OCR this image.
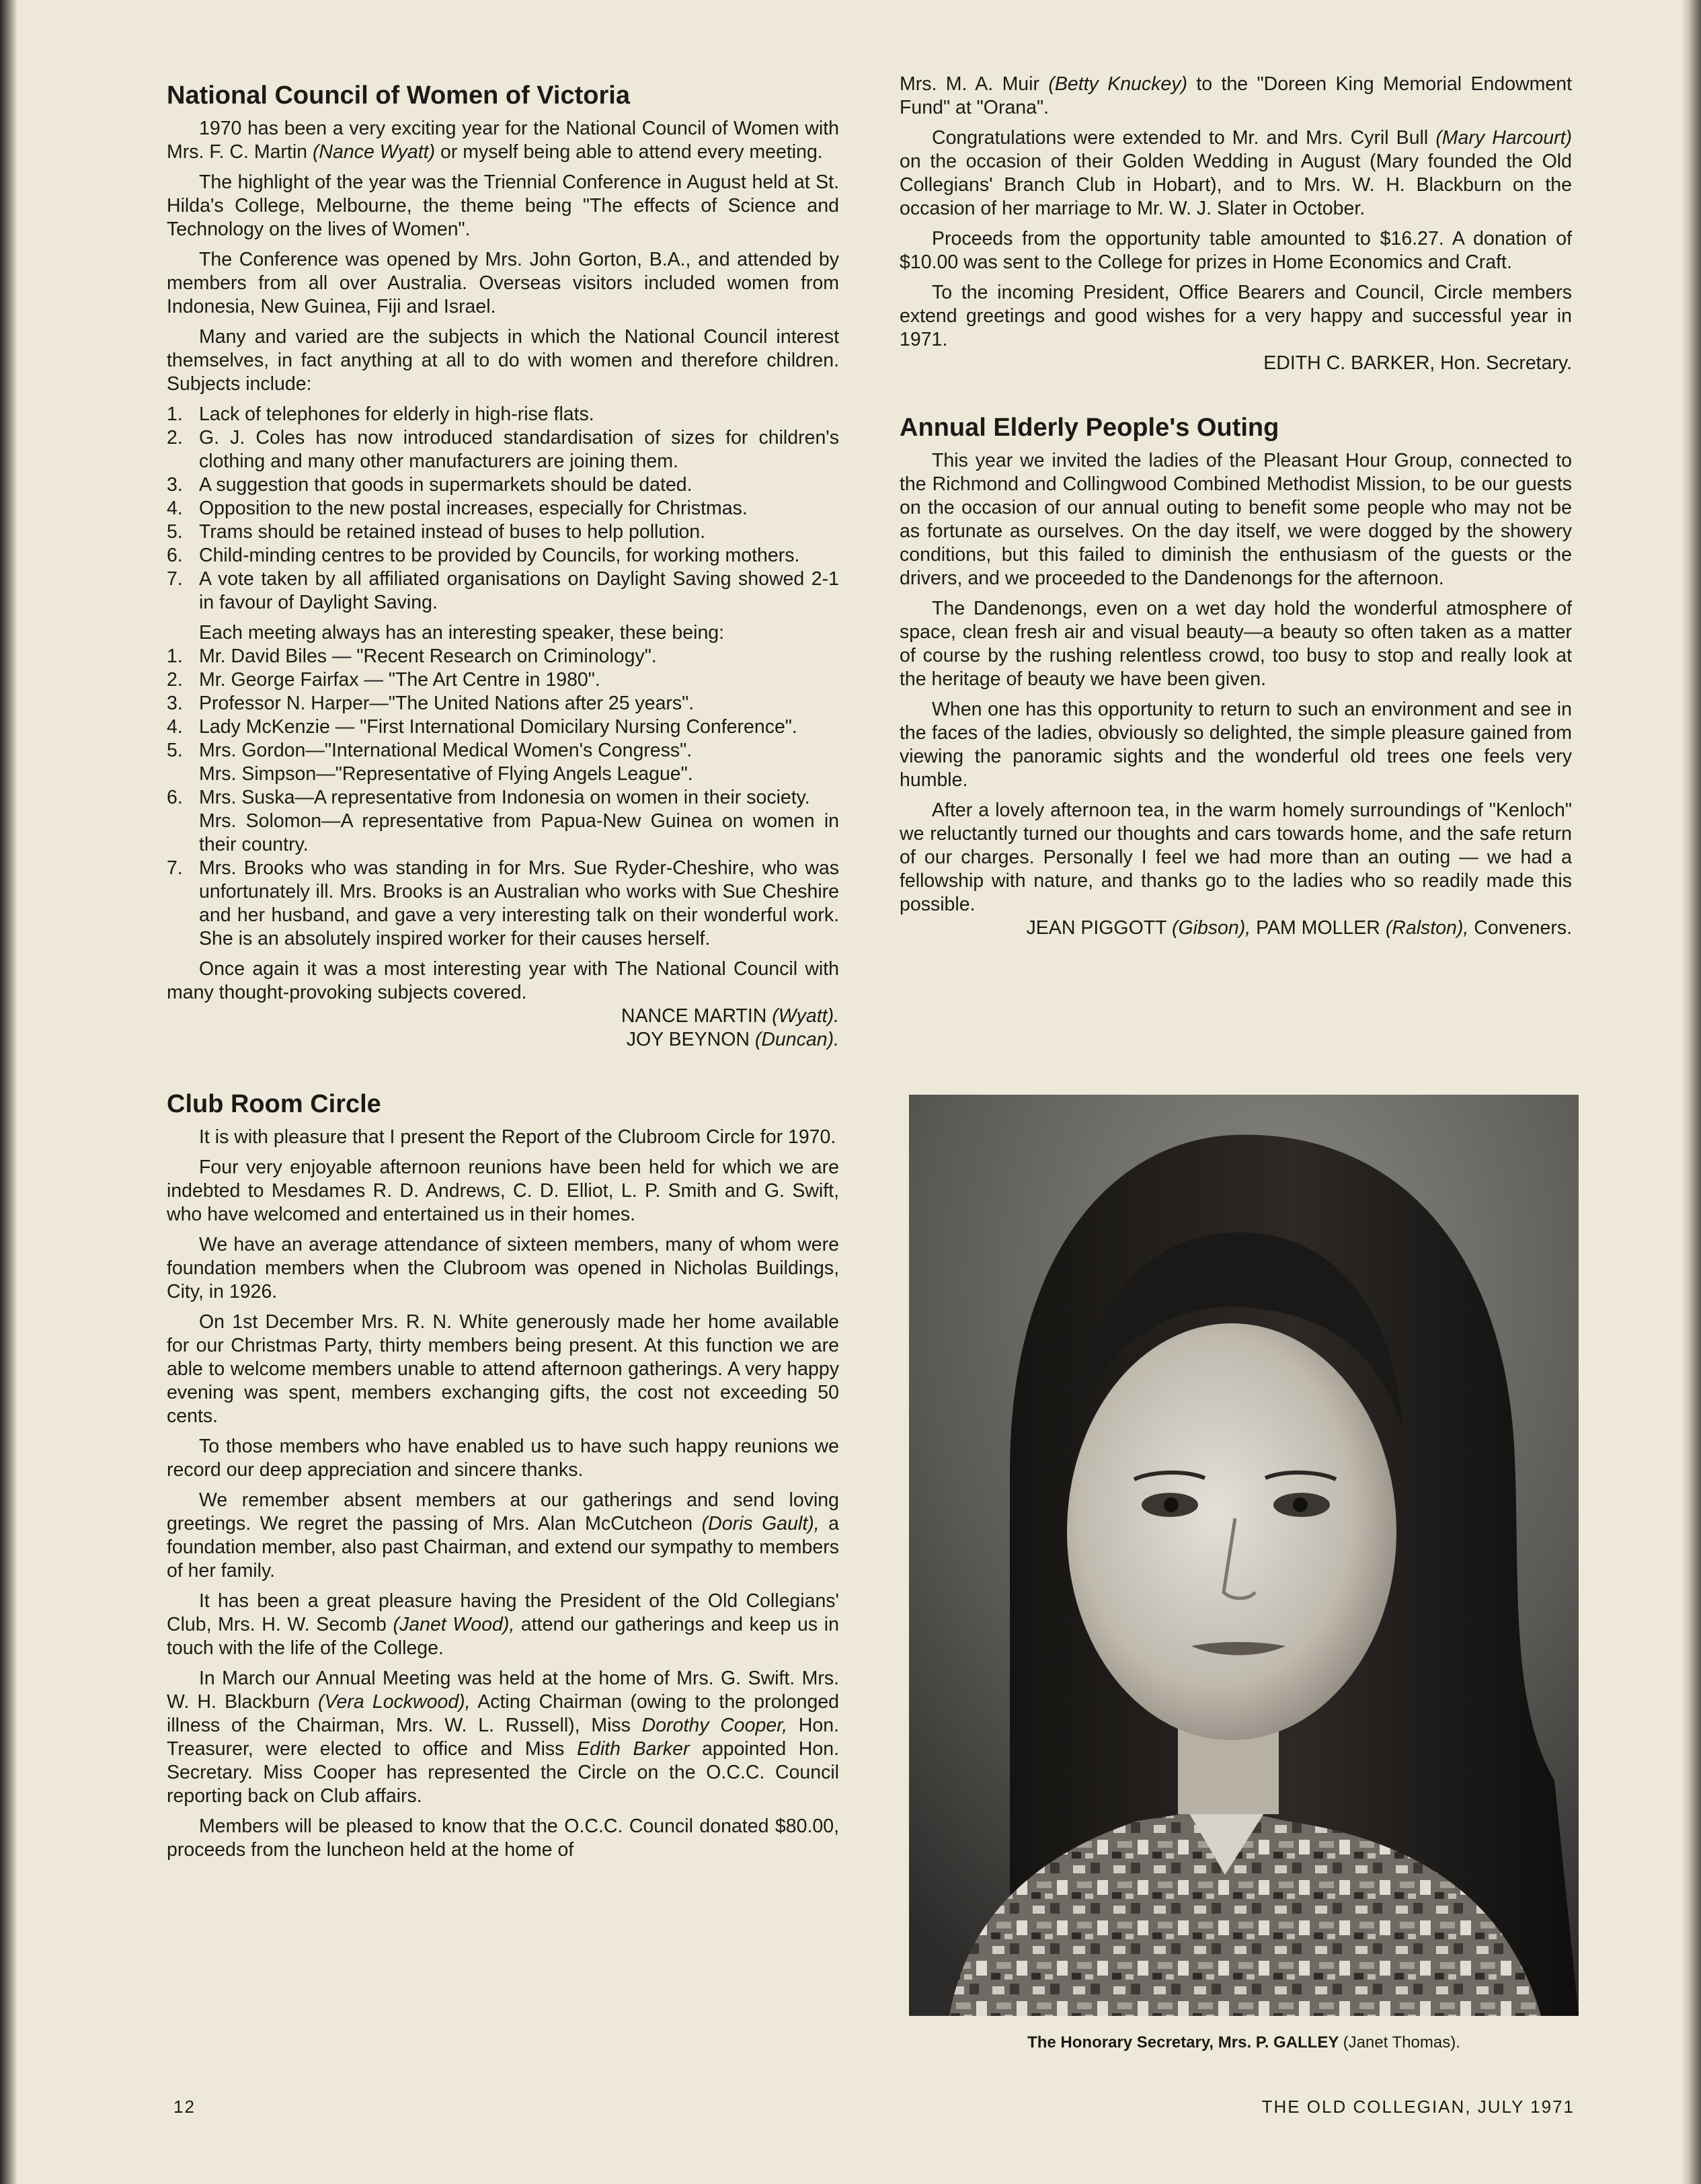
National Council of Women of Victoria

1970 has been a very exciting year for the National Council of Women with Mrs. F. C. Martin (Nance Wyatt) or myself being able to attend every meeting.

The highlight of the year was the Triennial Conference in August held at St. Hilda's College, Melbourne, the theme being "The effects of Science and Technology on the lives of Women".

The Conference was opened by Mrs. John Gorton, B.A., and attended by members from all over Australia. Overseas visitors included women from Indonesia, New Guinea, Fiji and Israel.

Many and varied are the subjects in which the National Council interest themselves, in fact anything at all to do with women and therefore children. Subjects include:

1. Lack of telephones for elderly in high-rise flats.
2. G. J. Coles has now introduced standardisation of sizes for children's clothing and many other manufacturers are joining them.
3. A suggestion that goods in supermarkets should be dated.
4. Opposition to the new postal increases, especially for Christmas.
5. Trams should be retained instead of buses to help pollution.
6. Child-minding centres to be provided by Councils, for working mothers.
7. A vote taken by all affiliated organisations on Daylight Saving showed 2-1 in favour of Daylight Saving.

Each meeting always has an interesting speaker, these being:

1. Mr. David Biles — "Recent Research on Criminology".
2. Mr. George Fairfax — "The Art Centre in 1980".
3. Professor N. Harper—"The United Nations after 25 years".
4. Lady McKenzie — "First International Domicilary Nursing Conference".
5. Mrs. Gordon—"International Medical Women's Congress".
Mrs. Simpson—"Representative of Flying Angels League".
6. Mrs. Suska—A representative from Indonesia on women in their society.
Mrs. Solomon—A representative from Papua-New Guinea on women in their country.
7. Mrs. Brooks who was standing in for Mrs. Sue Ryder-Cheshire, who was unfortunately ill. Mrs. Brooks is an Australian who works with Sue Cheshire and her husband, and gave a very interesting talk on their wonderful work. She is an absolutely inspired worker for their causes herself.

Once again it was a most interesting year with The National Council with many thought-provoking subjects covered.

NANCE MARTIN (Wyatt).
JOY BEYNON (Duncan).
Club Room Circle

It is with pleasure that I present the Report of the Clubroom Circle for 1970.

Four very enjoyable afternoon reunions have been held for which we are indebted to Mesdames R. D. Andrews, C. D. Elliot, L. P. Smith and G. Swift, who have welcomed and entertained us in their homes.

We have an average attendance of sixteen members, many of whom were foundation members when the Clubroom was opened in Nicholas Buildings, City, in 1926.

On 1st December Mrs. R. N. White generously made her home available for our Christmas Party, thirty members being present. At this function we are able to welcome members unable to attend afternoon gatherings. A very happy evening was spent, members exchanging gifts, the cost not exceeding 50 cents.

To those members who have enabled us to have such happy reunions we record our deep appreciation and sincere thanks.

We remember absent members at our gatherings and send loving greetings. We regret the passing of Mrs. Alan McCutcheon (Doris Gault), a foundation member, also past Chairman, and extend our sympathy to members of her family.

It has been a great pleasure having the President of the Old Collegians' Club, Mrs. H. W. Secomb (Janet Wood), attend our gatherings and keep us in touch with the life of the College.

In March our Annual Meeting was held at the home of Mrs. G. Swift. Mrs. W. H. Blackburn (Vera Lockwood), Acting Chairman (owing to the prolonged illness of the Chairman, Mrs. W. L. Russell), Miss Dorothy Cooper, Hon. Treasurer, were elected to office and Miss Edith Barker appointed Hon. Secretary. Miss Cooper has represented the Circle on the O.C.C. Council reporting back on Club affairs.

Members will be pleased to know that the O.C.C. Council donated $80.00, proceeds from the luncheon held at the home of

Mrs. M. A. Muir (Betty Knuckey) to the "Doreen King Memorial Endowment Fund" at "Orana".

Congratulations were extended to Mr. and Mrs. Cyril Bull (Mary Harcourt) on the occasion of their Golden Wedding in August (Mary founded the Old Collegians' Branch Club in Hobart), and to Mrs. W. H. Blackburn on the occasion of her marriage to Mr. W. J. Slater in October.

Proceeds from the opportunity table amounted to $16.27. A donation of $10.00 was sent to the College for prizes in Home Economics and Craft.

To the incoming President, Office Bearers and Council, Circle members extend greetings and good wishes for a very happy and successful year in 1971.

EDITH C. BARKER, Hon. Secretary.
Annual Elderly People's Outing

This year we invited the ladies of the Pleasant Hour Group, connected to the Richmond and Collingwood Combined Methodist Mission, to be our guests on the occasion of our annual outing to benefit some people who may not be as fortunate as ourselves. On the day itself, we were dogged by the showery conditions, but this failed to diminish the enthusiasm of the guests or the drivers, and we proceeded to the Dandenongs for the afternoon.

The Dandenongs, even on a wet day hold the wonderful atmosphere of space, clean fresh air and visual beauty—a beauty so often taken as a matter of course by the rushing relentless crowd, too busy to stop and really look at the heritage of beauty we have been given.

When one has this opportunity to return to such an environment and see in the faces of the ladies, obviously so delighted, the simple pleasure gained from viewing the panoramic sights and the wonderful old trees one feels very humble.

After a lovely afternoon tea, in the warm homely surroundings of "Kenloch" we reluctantly turned our thoughts and cars towards home, and the safe return of our charges. Personally I feel we had more than an outing — we had a fellowship with nature, and thanks go to the ladies who so readily made this possible.

JEAN PIGGOTT (Gibson), PAM MOLLER (Ralston), Conveners.
The Honorary Secretary, Mrs. P. GALLEY (Janet Thomas).
12	THE OLD COLLEGIAN, JULY 1971
